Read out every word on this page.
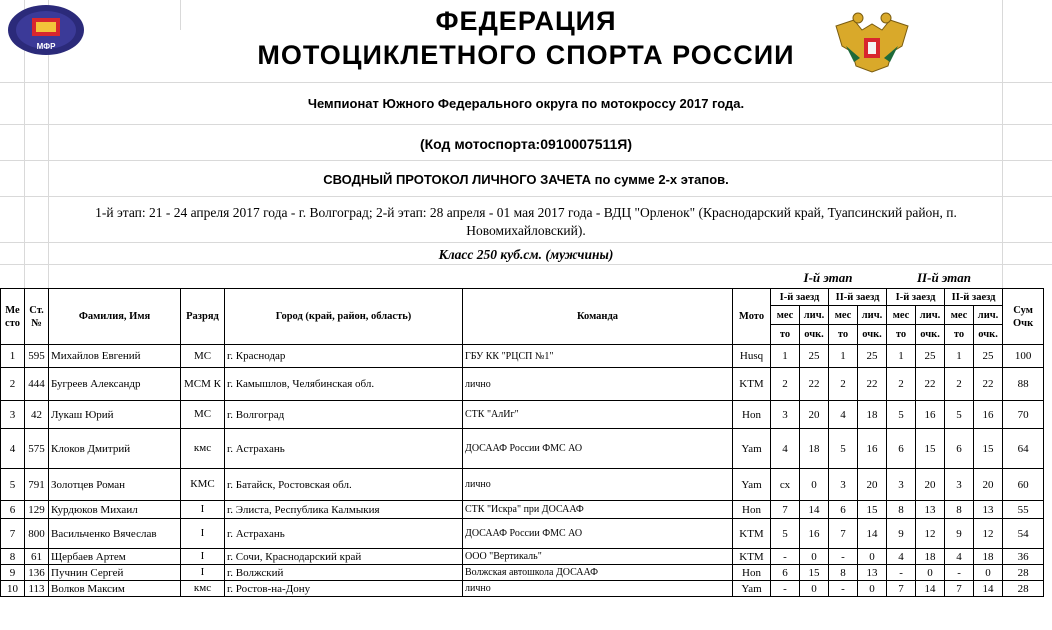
МФР
ФЕДЕРАЦИЯ
МОТОЦИКЛЕТНОГО СПОРТА РОССИИ
Чемпионат Южного Федерального округа по мотокроссу 2017 года.
(Код мотоспорта:0910007511Я)
СВОДНЫЙ ПРОТОКОЛ ЛИЧНОГО ЗАЧЕТА по сумме 2-х этапов.
1-й этап: 21 - 24 апреля 2017 года - г. Волгоград; 2-й этап: 28 апреля - 01 мая 2017 года - ВДЦ "Орленок" (Краснодарский край, Туапсинский район, п. Новомихайловский).
Класс 250 куб.см. (мужчины)
I-й этап	II-й этап
Ме сто	Ст. №	Фамилия, Имя	Разряд	Город (край, район, область)	Команда	Мото	I-й заезд		II-й заезд		I-й заезд		II-й заезд		Сум Очк
							мес	лич.	мес	лич.	мес	лич.	мес	лич.	
							то	очк.	то	очк.	то	очк.	то	очк.	
1	595	Михайлов Евгений	МС	г. Краснодар	ГБУ КК "РЦСП №1"	Husq	1	25	1	25	1	25	1	25	100
2	444	Бугреев Александр	МСМ К	г. Камышлов, Челябинская обл.	лично	KTM	2	22	2	22	2	22	2	22	88
3	42	Лукаш Юрий	МС	г. Волгоград	СТК "АлИг"	Hon	3	20	4	18	5	16	5	16	70
4	575	Клоков Дмитрий	кмс	г. Астрахань	ДОСААФ России ФМС АО	Yam	4	18	5	16	6	15	6	15	64
5	791	Золотцев Роман	КМС	г. Батайск, Ростовская обл.	лично	Yam	сх	0	3	20	3	20	3	20	60
6	129	Курдюков Михаил	I	г. Элиста, Республика Калмыкия	СТК "Искра" при ДОСААФ	Hon	7	14	6	15	8	13	8	13	55
7	800	Васильченко Вячеслав	I	г. Астрахань	ДОСААФ России ФМС АО	KTM	5	16	7	14	9	12	9	12	54
8	61	Щербаев Артем	I	г. Сочи, Краснодарский край	ООО "Вертикаль"	KTM	-	0	-	0	4	18	4	18	36
9	136	Пучнин Сергей	I	г. Волжский	Волжская автошкола ДОСААФ	Hon	6	15	8	13	-	0	-	0	28
10	113	Волков Максим	кмс	г. Ростов-на-Дону	лично	Yam	-	0	-	0	7	14	7	14	28
